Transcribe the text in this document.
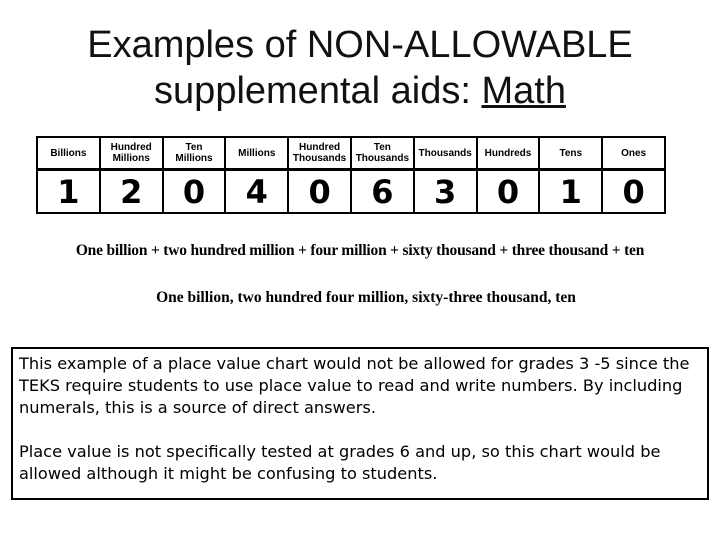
Examples of NON-ALLOWABLE
supplemental aids: Math
Billions
1
Hundred Millions
2
Ten Millions
0
Millions
4
Hundred Thousands
0
Ten Thousands
6
Thousands
3
Hundreds
0
Tens
1
Ones
0
One billion + two hundred million + four million + sixty thousand + three thousand + ten
One billion, two hundred four million, sixty-three thousand, ten

This example of a place value chart would not be allowed for grades 3 -5 since the TEKS require students to use place value to read and write numbers. By including numerals, this is a source of direct answers.

Place value is not specifically tested at grades 6 and up, so this chart would be allowed although it might be confusing to students.
